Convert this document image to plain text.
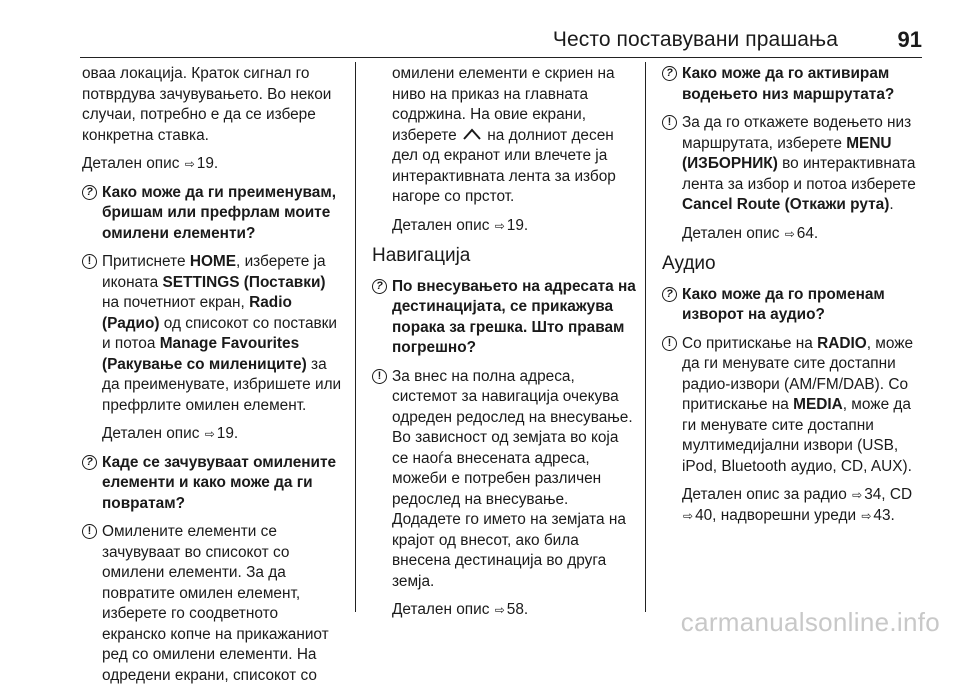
Често поставувани прашања	91
оваа локација. Краток сигнал го потврдува зачувувањето. Во некои случаи, потребно е да се избере конкретна ставка.
Детален опис ⇨ 19.
? Како може да ги преименувам, бришам или префрлам моите омилени елементи?
! Притиснете HOME, изберете ја иконата SETTINGS (Поставки) на почетниот екран, Radio (Радио) од списокот со поставки и потоа Manage Favourites (Ракување со милениците) за да преименувате, избришете или префрлите омилен елемент.
Детален опис ⇨ 19.
? Каде се зачувуваат омилените елементи и како може да ги повратам?
! Омилените елементи се зачувуваат во списокот со омилени елементи. За да повратите омилен елемент, изберете го соодветното екранско копче на прикажаниот ред со омилени елементи. На одредени екрани, списокот со
омилени елементи е скриен на ниво на приказ на главната содржина. На овие екрани, изберете на долниот десен дел од екранот или влечете ја интерактивната лента за избор нагоре со прстот.
Детален опис ⇨ 19.
Навигација
? По внесувањето на адресата на дестинацијата, се прикажува порака за грешка. Што правам погрешно?
! За внес на полна адреса, системот за навигација очекува одреден редослед на внесување. Во зависност од земјата во која се наоѓа внесената адреса, можеби е потребен различен редослед на внесување. Додадете го името на земјата на крајот од внесот, ако била внесена дестинација во друга земја.
Детален опис ⇨ 58.
? Како може да го активирам водењето низ маршрутата?
! За да го откажете водењето низ маршрутата, изберете MENU (ИЗБОРНИК) во интерактивната лента за избор и потоа изберете Cancel Route (Откажи рута).
Детален опис ⇨ 64.
Аудио
? Како може да го променам изворот на аудио?
! Со притискање на RADIO, може да ги менувате сите достапни радио-извори (AM/FM/DAB). Со притискање на MEDIA, може да ги менувате сите достапни мултимедијални извори (USB, iPod, Bluetooth аудио, CD, AUX).
Детален опис за радио ⇨ 34, CD ⇨ 40, надворешни уреди ⇨ 43.
carmanualsonline.info
